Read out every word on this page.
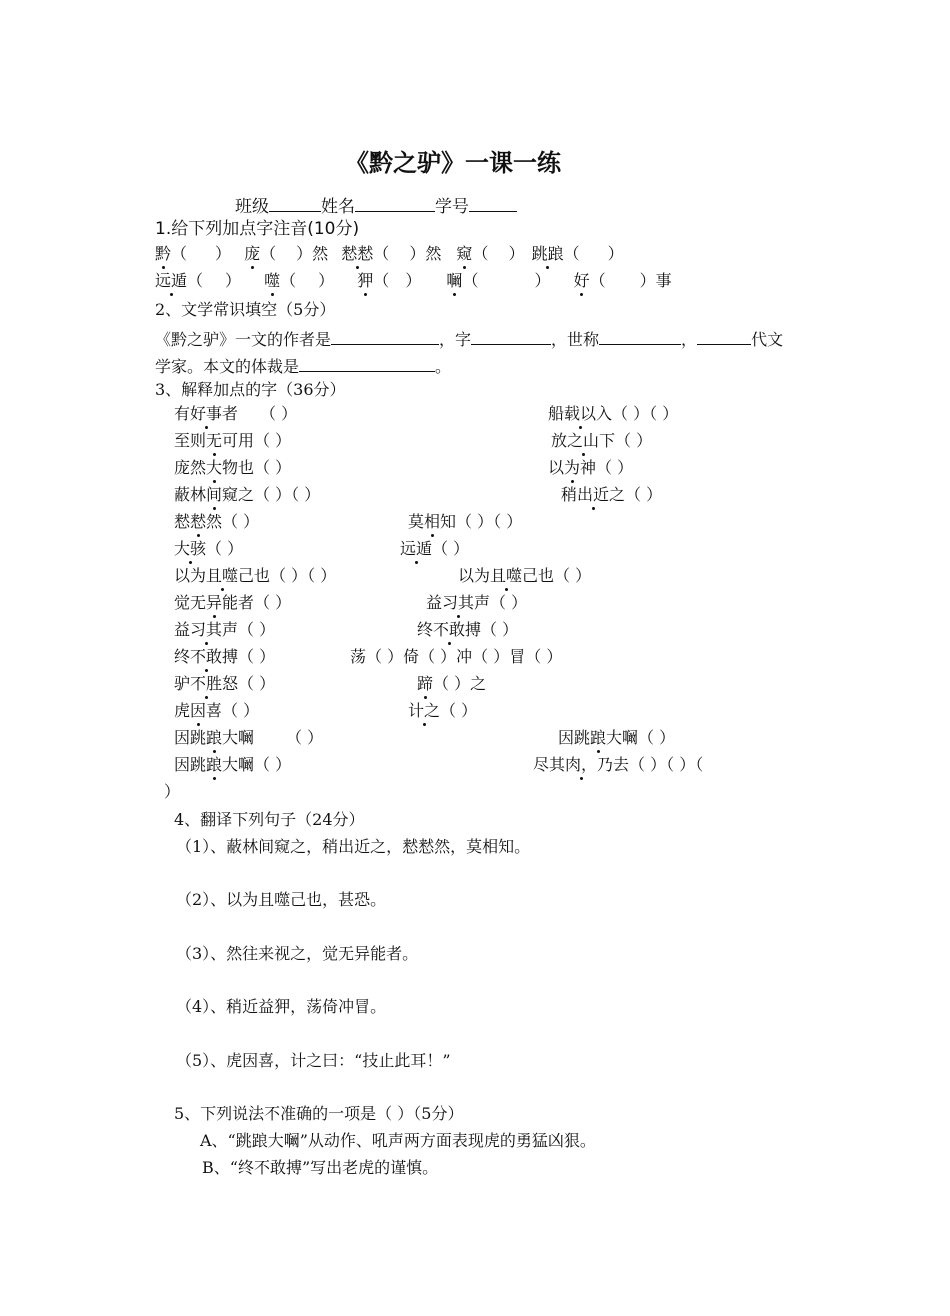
《黔之驴》一课一练
班级	姓名	学号
1.给下列加点字注音(10分)
黔（ ） 庞（ ）然 慭慭（ ）然 窥（ ） 跳踉（ ）
远遁（ ） 噬（ ） 狎（ ） 㘎（	） 好（ ）事
2、文学常识填空（5分）
《黔之驴》一文的作者是	，字	，世称	，	代文
学家。本文的体裁是	。
3、解释加点的字（36分）
有好事者 （ ）	船载以入（ ）（ ）
至则无可用（ ）	放之山下（ ）
庞然大物也（ ）	以为神（ ）
蔽林间窥之（ ）（ ）	稍出近之（ ）
慭慭然（ ）	莫相知（ ）（ ）
大骇（ ）	远遁（ ）
以为且噬己也（ ）（ ）	以为且噬己也（ ）
觉无异能者（ ）	益习其声（ ）
益习其声（ ）	终不敢搏（ ）
终不敢搏（ ）	荡（ ）倚（ ）冲（ ）冒（ ）
驴不胜怒（ ）	蹄（ ）之
虎因喜（ ）	计之（ ）
因跳踉大㘎 （ ）	因跳踉大㘎（ ）
因跳踉大㘎（ ）	尽其肉，乃去（ ）（ ）（
）
4、翻译下列句子（24分）
（1）、蔽林间窥之，稍出近之，慭慭然，莫相知。
（2）、以为且噬己也，甚恐。
（3）、然往来视之，觉无异能者。
（4）、稍近益狎，荡倚冲冒。
（5）、虎因喜，计之曰：“技止此耳！”
5、下列说法不准确的一项是（ ）（5分）
A、“跳踉大㘎”从动作、吼声两方面表现虎的勇猛凶狠。
B、“终不敢搏”写出老虎的谨慎。
